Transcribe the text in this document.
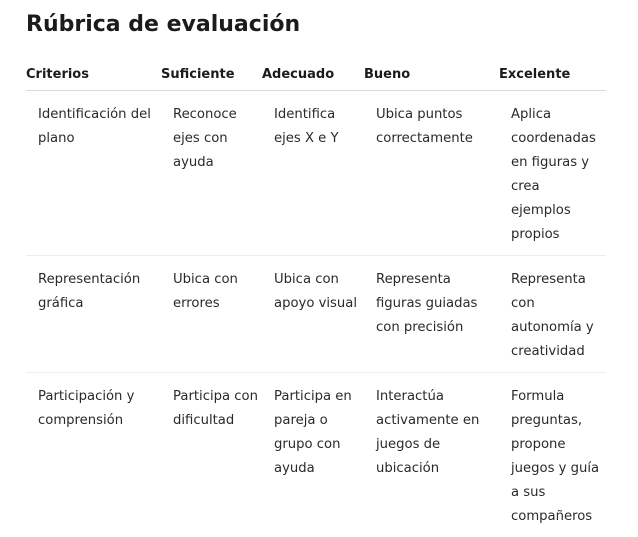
Rúbrica de evaluación
Criterios	Suficiente	Adecuado	Bueno	Excelente
Identificación del plano	Reconoce ejes con ayuda	Identifica ejes X e Y	Ubica puntos correctamente	Aplica coordenadas en figuras y crea ejemplos propios
Representación gráfica	Ubica con errores	Ubica con apoyo visual	Representa figuras guiadas con precisión	Representa con autonomía y creatividad
Participación y comprensión	Participa con dificultad	Participa en pareja o grupo con ayuda	Interactúa activamente en juegos de ubicación	Formula preguntas, propone juegos y guía a sus compañeros
